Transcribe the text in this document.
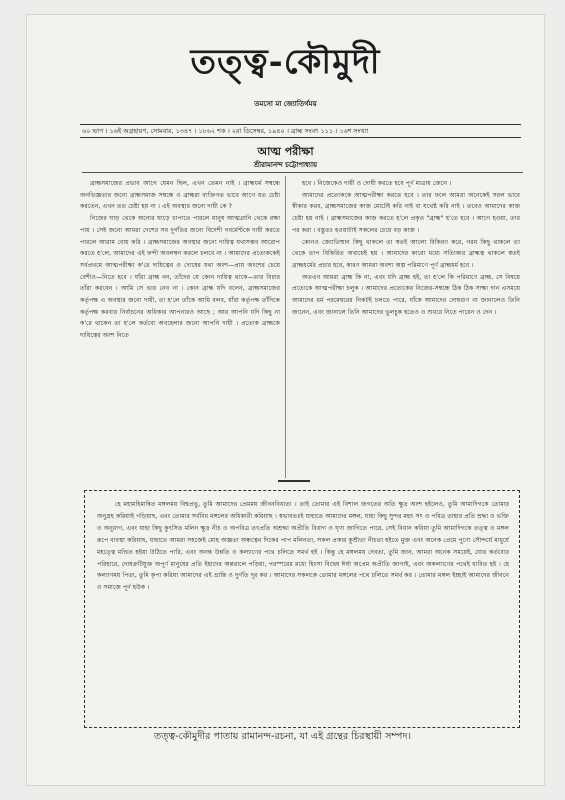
তত্ত্ব-কৌমুদী
তমসো মা জ্যোতির্গময়
৬০ ভাগ । ১৬ই অগ্রহায়ণ, সোমবার, ১৩৪৭ । ১৮৬২ শক । ২রা ডিসেম্বর, ১৯৪০ । ব্রাহ্ম সংবৎ ১১১ । ১৬শ সংখ্যা
আত্ম পরীক্ষা
শ্রীরামানন্দ চট্টোপাধ্যায়

ব্রাহ্মসমাজের প্রভাব আগে যেমন ছিল, এখন তেমন নাই । ব্রাহ্মধর্ম সম্বন্ধে অনভিজ্ঞতার জন্যে ব্রাহ্মসমাজ সম্বন্ধে ও ব্রাহ্মরা ব্যক্তিগত ভাবে আগে যত চেষ্টা করতেন, এখন তত চেষ্টা হয় না । এই অবস্থার জন্যে দায়ী কে ?

নিজের ঘাড় থেকে অন্যের ঘাড়ে চাপাতে পারলে মানুষ আত্মগ্লানি থেকে রক্ষা পায় । সেই জন্যে আমরা দেশের সব দুর্গতির জন্যে বিদেশী গবর্মেণ্টকে দায়ী করতে পারলে আরাম বোধ করি । ব্রাহ্মসমাজের অবস্থার জন্যে দায়িত্ব যথাসম্ভব আরোপ করতে হ'লে, আমাদের এই ফন্দী অবলম্বন করলে চলবে না । আমাদের প্রত্যেককেই সর্বপ্রথমে আত্মপরীক্ষা ক'রে দায়িত্বের ও দোষের যথা অংশ—প্রায় অংশের চেয়ে বেশীও—নিতে হবে । যাঁরা ব্রাহ্ম নন, তাঁদের যে কোন দায়িত্ব থাকে—তার বিচার তাঁরা করবেন । আমি সে ভার নেব না । কোন ব্রাহ্ম যদি বলেন, ব্রাহ্মসমাজের কর্তৃপক্ষ এ অবস্থার জন্যে দায়ী, তা হ'লে তাঁকে আমি বলব, যাঁরা কর্তৃপক্ষ তাঁদিকে কর্তৃপক্ষ করবার নির্বাচনের অধিকার আপনারও আছে ; আর আপনি যদি কিছু না ক'রে থাকেন তা হ'লে কর্তব্যে অবহেলার জন্যে আপনি দায়ী । প্রত্যেক ব্রাহ্মকে দায়িত্বের অংশ নিতে

হবে । নিজেকেও দায়ী ও দোষী করতে হবে পূর্ণ মাত্রায় জেনে ।

আমাদের প্রত্যেককে আত্মপরীক্ষা করতে হবে । তার ফলে আমরা অনেকেই সরল ভাবে স্বীকার করব, ব্রাহ্মসমাজের কাজ মোটেই করি নাই বা যথেষ্ট করি নাই । তবেও আমাদের কাজ চেষ্টা হয় নাই । ব্রাহ্মসমাজের কাজ করতে হ'লে প্রকৃত "ব্রাহ্ম" হ'তে হবে । আগে হওয়া, তার পর করা । বস্তুতঃ হওয়াটাই সকলের চেয়ে বড় কাজ ।

কোনও জ্যোতিষ্মান কিছু থাকলে তা স্বতই আলো বিকিরণ করে, গরম কিছু থাকলে তা থেকে তাপ বিকিরিত অবাধেই হয় । আমাদের কারো মধ্যে সত্যিকার ব্রাহ্মত্ব থাকলে স্বতই ব্রাহ্মধর্মের প্রচার হবে, কারণ আমরা অবশ্য অল্প পরিমাণে পূর্ণ ব্রাহ্মধর্ম হবে ।

অতএব আমরা ব্রাহ্ম কি না, এবং যদি ব্রাহ্ম হই, তা হ'লে কি পরিমাণে ব্রাহ্ম, সে বিষয়ে প্রত্যেকে আত্মপরীক্ষা চলুক । আমাদের প্রত্যেকের নিজের-সম্বন্ধে ঠিক ঠিক সাক্ষ্য দান এসময়ে আমাদের ধর্ম পরমেশ্বরের নিকটই চলতে পারে, যাঁকে আমাদের দোষগুণ না জানালেও তিনি জানেন, এবং জানালে তিনি আমাদের ভুলচুক হতেও ও শুধরে নিতে পারেন ও দেন ।

হে মহামহিমান্বিত মঙ্গলময় বিশ্বপ্রভু, তুমি আমাদের প্রেমময় জীবনবিধাতা । তাই তোমার এই বিশাল জগতের অতি ক্ষুদ্র অংশ হইলেও, তুমি আমাদিগকে তোমার অনুগ্রহ করিয়াই গড়িয়াছ, এবং তোমার সর্ববিধ মঙ্গলের অধিকারী করিয়াছ । স্বভাবতঃই যাহাতে আমাদের মঙ্গল, যাহা কিছু সুন্দর মহৎ সৎ ও পবিত্র তাহার প্রতি শ্রদ্ধা ও ভক্তি ও অনুরাগ, এবং যাহা কিছু কুৎসিত মলিন ক্ষুদ্র নীচ ও অপবিত্র তৎপ্রতি অশ্রদ্ধা অপ্রীতি বিরাগ ও ঘৃণা জাগিতে পারে, সেই বিধান করিয়া তুমি আমাদিগকে তত্ত্ব ও মঙ্গল রূপে ব্যবস্থা করিয়াছ, যাহাতে আমরা সহজেই মোহ অজ্ঞতা অন্ধত্বের দিকের পাপ মলিনতা, সকল প্রকার কুশ্রীতা নীচতা হইতে মুক্ত এবং অনেক প্রেমে পুণ্যে সৌন্দর্যে মাধুর্যে মহত্ত্বে মণ্ডিত হইয়া উঠিতে পারি, এবং অনন্ত উন্নতি ও কল্যাণের পথে চলিতে সমর্থ হই । কিন্তু হে মঙ্গলময় দেবতা, তুমি জান, আমরা অনেক সময়েই, ঘোর কর্তব্যের পরিহারে, দোষক্রটিযুক্ত অপূর্ণ মানুষের প্রতি ইহাদের অন্তরালে পড়িয়া, পরস্পরের মধ্যে হিংসা বিদ্বেষ ঈর্ষা অপ্রেম অপ্রীতি জাগাই, এবং অকল্যাণের পথেই ধাবিত হই । হে কল্যাণময় পিতা, তুমি কৃপা করিয়া আমাদের এই ভ্রান্তি ও দুর্গতি দূর কর । আমাদের সকলকে তোমার মঙ্গলের পথে চলিতে সমর্থ কর । তোমার মঙ্গল ইচ্ছাই আমাদের জীবনে ও সমাজে পূর্ণ হউক ।

তত্ত্ব-কৌমুদীর পাতায় রামানন্দ-রচনা, যা এই গ্রন্থের চিরস্থায়ী সম্পদ।
